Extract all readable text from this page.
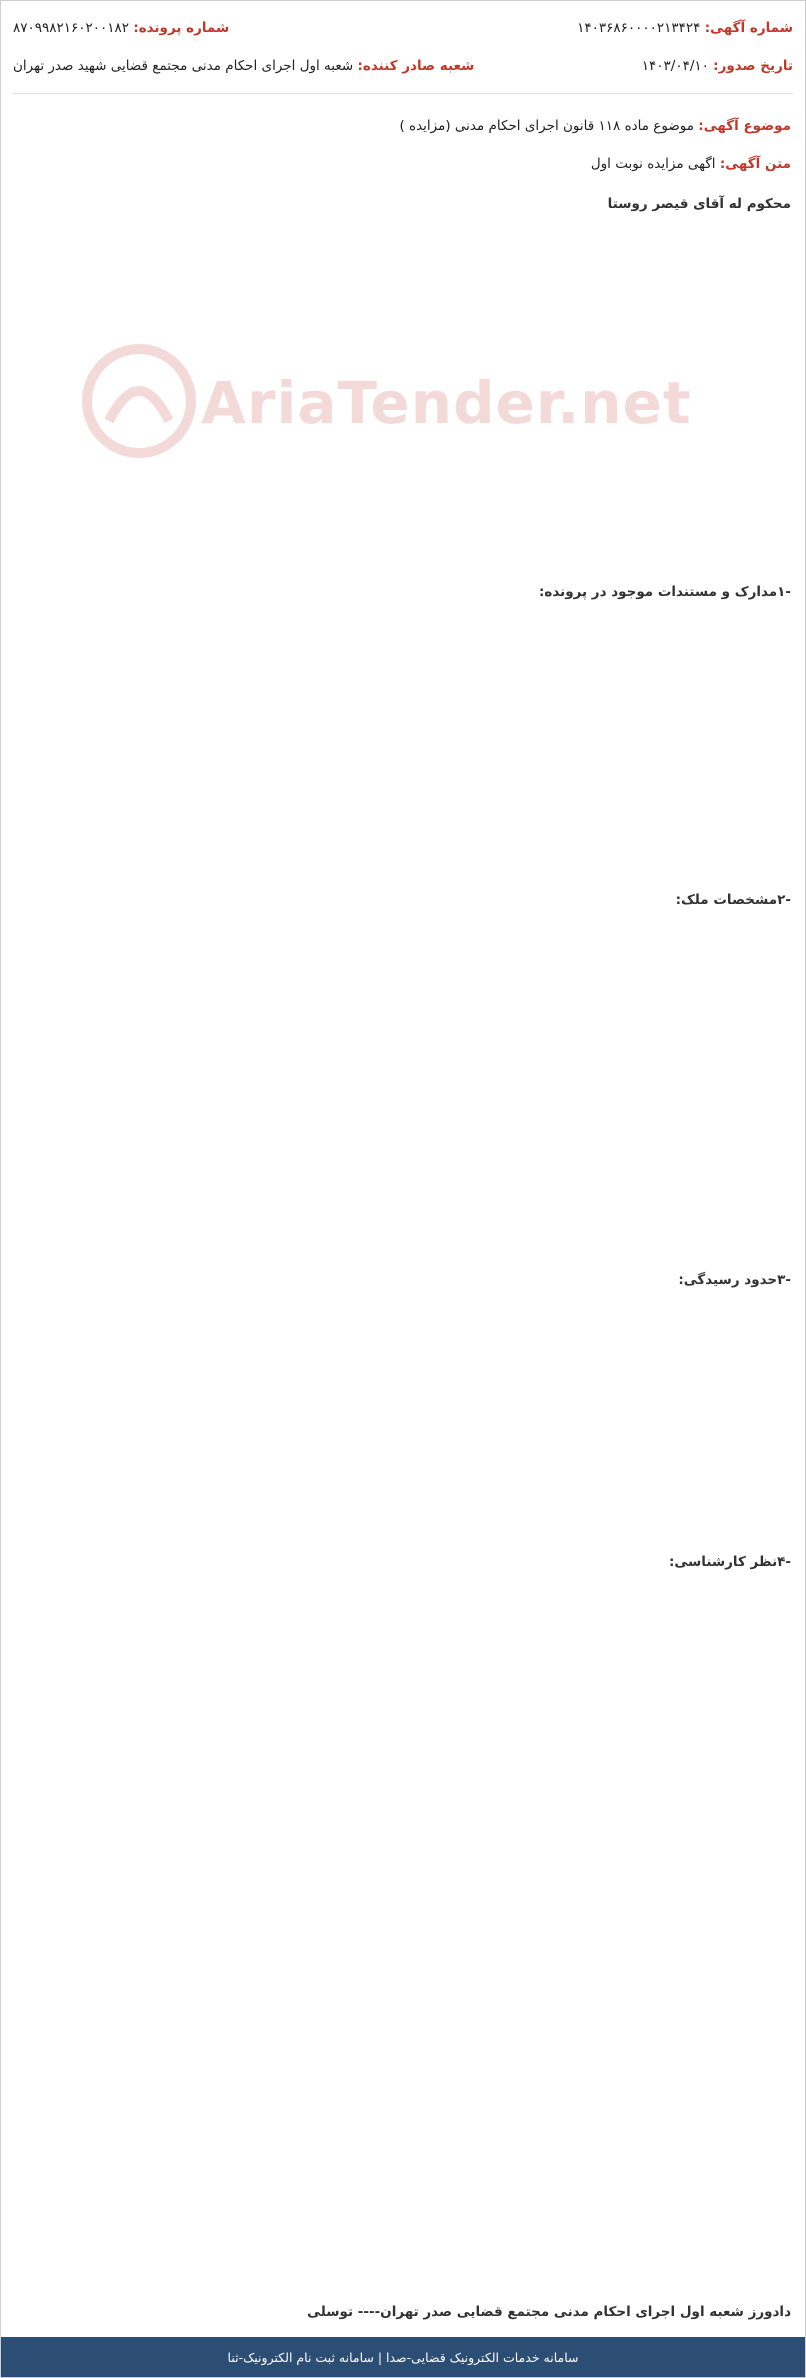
شماره آگهی: ۱۴۰۳۶۸۶۰۰۰۰۲۱۳۴۲۴
شماره پرونده: ۸۷۰۹۹۸۲۱۶۰۲۰۰۱۸۲
تاریخ صدور: ۱۴۰۳/۰۴/۱۰
شعبه صادر کننده: شعبه اول اجرای احکام مدنی مجتمع قضایی شهید صدر تهران
AriaTender.net
موضوع آگهی: موضوع ماده ۱۱۸ قانون اجرای احکام مدنی (مزایده )
متن آگهی: اگهی مزایده نوبت اول
محکوم له آقای قیصر روستا
-۱مدارک و مستندات موجود در پرونده:
-۲مشخصات ملک:
-۳حدود رسیدگی:
-۴نظر کارشناسی:
دادورز شعبه اول اجرای احکام مدنی مجتمع قضایی صدر تهران---- توسلی
سامانه خدمات الکترونیک قضایی-صدا | سامانه ثبت نام الکترونیک-ثنا
